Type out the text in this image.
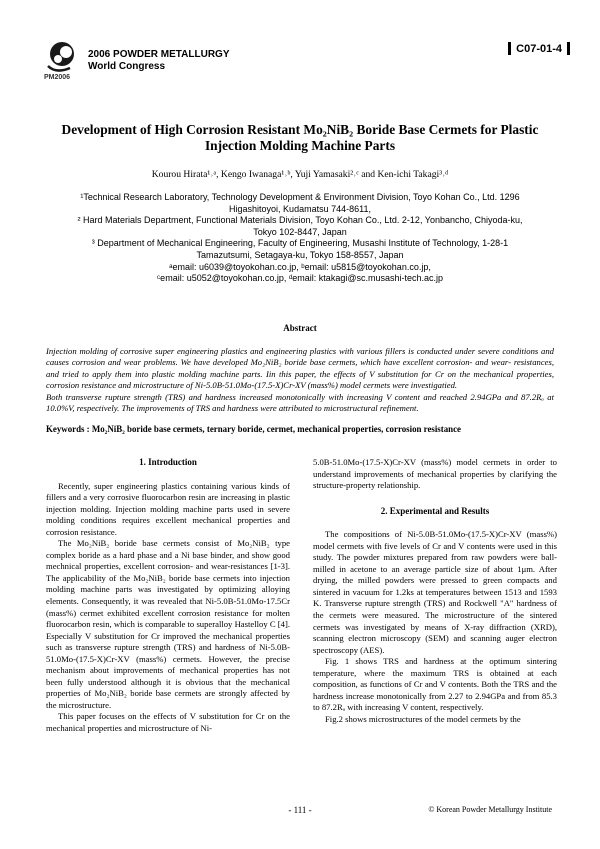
2006 POWDER METALLURGY
World Congress
PM2006
C07-01-4
Development of High Corrosion Resistant Mo₂NiB₂ Boride Base Cermets for Plastic
Injection Molding Machine Parts
Kourou Hirata¹˒ᵃ, Kengo Iwanaga¹˒ᵇ, Yuji Yamasaki²˒ᶜ and Ken-ichi Takagi³˒ᵈ
¹Technical Research Laboratory, Technology Development & Environment Division, Toyo Kohan Co., Ltd. 1296
Higashitoyoi, Kudamatsu 744-8611,
² Hard Materials Department, Functional Materials Division, Toyo Kohan Co., Ltd. 2-12, Yonbancho, Chiyoda-ku,
Tokyo 102-8447, Japan
³ Department of Mechanical Engineering, Faculty of Engineering, Musashi Institute of Technology, 1-28-1
Tamazutsumi, Setagaya-ku, Tokyo 158-8557, Japan
ᵃemail: u6039@toyokohan.co.jp, ᵇemail: u5815@toyokohan.co.jp,
ᶜemail: u5052@toyokohan.co.jp, ᵈemail: ktakagi@sc.musashi-tech.ac.jp
Abstract

Injection molding of corrosive super engineering plastics and engineering plastics with various fillers is conducted under severe conditions and causes corrosion and wear problems. We have developed Mo₂NiB₂ boride base cermets, which have excellent corrosion- and wear- resistances, and tried to apply them into plastic molding machine parts. Iin this paper, the effects of V substitution for Cr on the mechanical properties, corrosion resistance and microstructure of Ni-5.0B-51.0Mo-(17.5-X)Cr-XV (mass%) model cermets were investigatied.

Both transverse rupture strength (TRS) and hardness increased monotonically with increasing V content and reached 2.94GPa and 87.2Rₐ at 10.0%V, respectively. The improvements of TRS and hardness were attributed to microstructural refinement.

Keywords : Mo₂NiB₂ boride base cermets, ternary boride, cermet, mechanical properties, corrosion resistance
1. Introduction

Recently, super engineering plastics containing various kinds of fillers and a very corrosive fluorocarbon resin are increasing in plastic injection molding. Injection molding machine parts used in severe molding conditions requires excellent mechanical properties and corrosion resistance.

The Mo₂NiB₂ boride base cermets consist of Mo₂NiB₂ type complex boride as a hard phase and a Ni base binder, and show good mechnical properties, excellent corrosion- and wear-resistances [1-3]. The applicability of the Mo₂NiB₂ boride base cermets into injection molding machine parts was investigated by optimizing alloying elements. Consequently, it was revealed that Ni-5.0B-51.0Mo-17.5Cr (mass%) cermet exhibited excellent corrosion resistance for molten fluorocarbon resin, which is comparable to superalloy Hastelloy C [4]. Especially V substitution for Cr improved the mechanical properties such as transverse rupture strength (TRS) and hardness of Ni-5.0B-51.0Mo-(17.5-X)Cr-XV (mass%) cermets. However, the precise mechanism about improvements of mechanical properties has not been fully understood although it is obvious that the mechanical properties of Mo₂NiB₂ boride base cermets are strongly affected by the microstructure.

This paper focuses on the effects of V substitution for Cr on the mechanical properties and microstructure of Ni-

5.0B-51.0Mo-(17.5-X)Cr-XV (mass%) model cermets in order to understand improvements of mechanical properties by clarifying the structure-property relationship.

2. Experimental and Results

The compositions of Ni-5.0B-51.0Mo-(17.5-X)Cr-XV (mass%) model cermets with five levels of Cr and V contents were used in this study. The powder mixtures prepared from raw powders were ball-milled in acetone to an average particle size of about 1μm. After drying, the milled powders were pressed to green compacts and sintered in vacuum for 1.2ks at temperatures between 1513 and 1593 K. Transverse rupture strength (TRS) and Rockwell "A" hardness of the cermets were measured. The microstructure of the sintered cermets was investigated by means of X-ray diffraction (XRD), scanning electron microscopy (SEM) and scanning auger electron spectroscopy (AES).

Fig. 1 shows TRS and hardness at the optimum sintering temperature, where the maximum TRS is obtained at each composition, as functions of Cr and V contents. Both the TRS and the hardness increase monotonically from 2.27 to 2.94GPa and from 85.3 to 87.2Rₐ with increasing V content, respectively.

Fig.2 shows microstructures of the model cermets by the

- 111 -	© Korean Powder Metallurgy Institute
